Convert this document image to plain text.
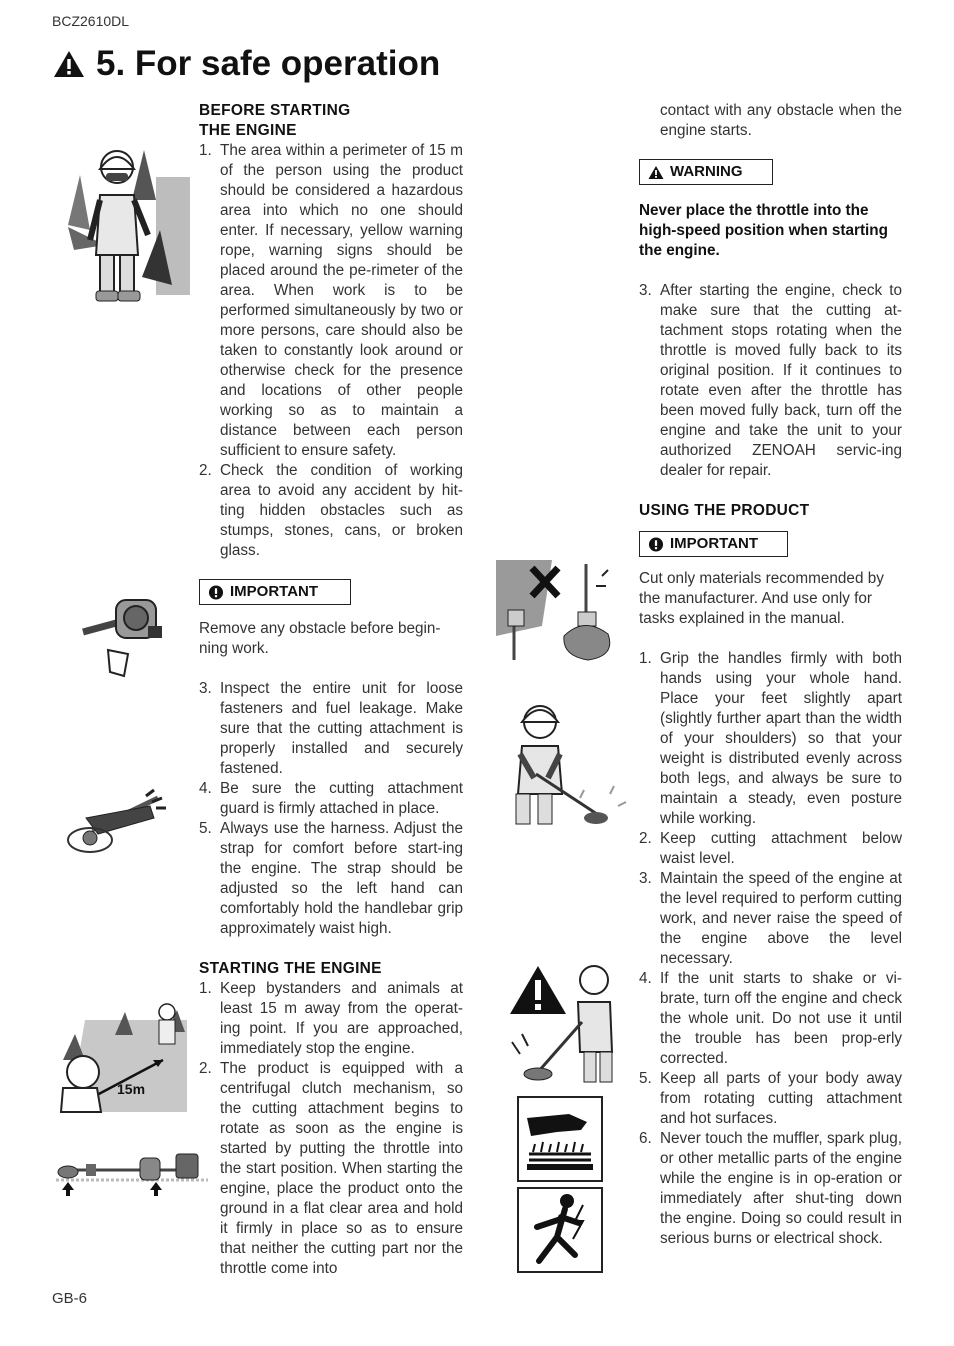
BCZ2610DL
5. For safe operation
BEFORE STARTING
THE ENGINE
1. The area within a perimeter of 15 m of the person using the product should be considered a hazardous area into which no one should enter. If necessary, yellow warning rope, warning signs should be placed around the pe-rimeter of the area. When work is to be performed simultaneously by two or more persons, care should also be taken to constantly look around or otherwise check for the presence and locations of other people working so as to maintain a distance between each person sufficient to ensure safety.
2. Check the condition of working area to avoid any accident by hit-ting hidden obstacles such as stumps, stones, cans, or broken glass.
IMPORTANT
Remove any obstacle before begin-ning work.
3. Inspect the entire unit for loose fasteners and fuel leakage. Make sure that the cutting attachment is properly installed and securely fastened.
4. Be sure the cutting attachment guard is firmly attached in place.
5. Always use the harness. Adjust the strap for comfort before start-ing the engine. The strap should be adjusted so the left hand can comfortably hold the handlebar grip approximately waist high.
STARTING THE ENGINE
1. Keep bystanders and animals at least 15 m away from the operat-ing point. If you are approached, immediately stop the engine.
2. The product is equipped with a centrifugal clutch mechanism, so the cutting attachment begins to rotate as soon as the engine is started by putting the throttle into the start position. When starting the engine, place the product onto the ground in a flat clear area and hold it firmly in place so as to ensure that neither the cutting part nor the throttle come into
contact with any obstacle when the engine starts.
WARNING
Never place the throttle into the high-speed position when starting the engine.
3. After starting the engine, check to make sure that the cutting at-tachment stops rotating when the throttle is moved fully back to its original position. If it continues to rotate even after the throttle has been moved fully back, turn off the engine and take the unit to your authorized ZENOAH servic-ing dealer for repair.
USING THE PRODUCT
IMPORTANT
Cut only materials recommended by the manufacturer. And use only for tasks explained in the manual.
1. Grip the handles firmly with both hands using your whole hand. Place your feet slightly apart (slightly further apart than the width of your shoulders) so that your weight is distributed evenly across both legs, and always be sure to maintain a steady, even posture while working.
2. Keep cutting attachment below waist level.
3. Maintain the speed of the engine at the level required to perform cutting work, and never raise the speed of the engine above the level necessary.
4. If the unit starts to shake or vi-brate, turn off the engine and check the whole unit. Do not use it until the trouble has been prop-erly corrected.
5. Keep all parts of your body away from rotating cutting attachment and hot surfaces.
6. Never touch the muffler, spark plug, or other metallic parts of the engine while the engine is in op-eration or immediately after shut-ting down the engine. Doing so could result in serious burns or electrical shock.
15m
GB-6
